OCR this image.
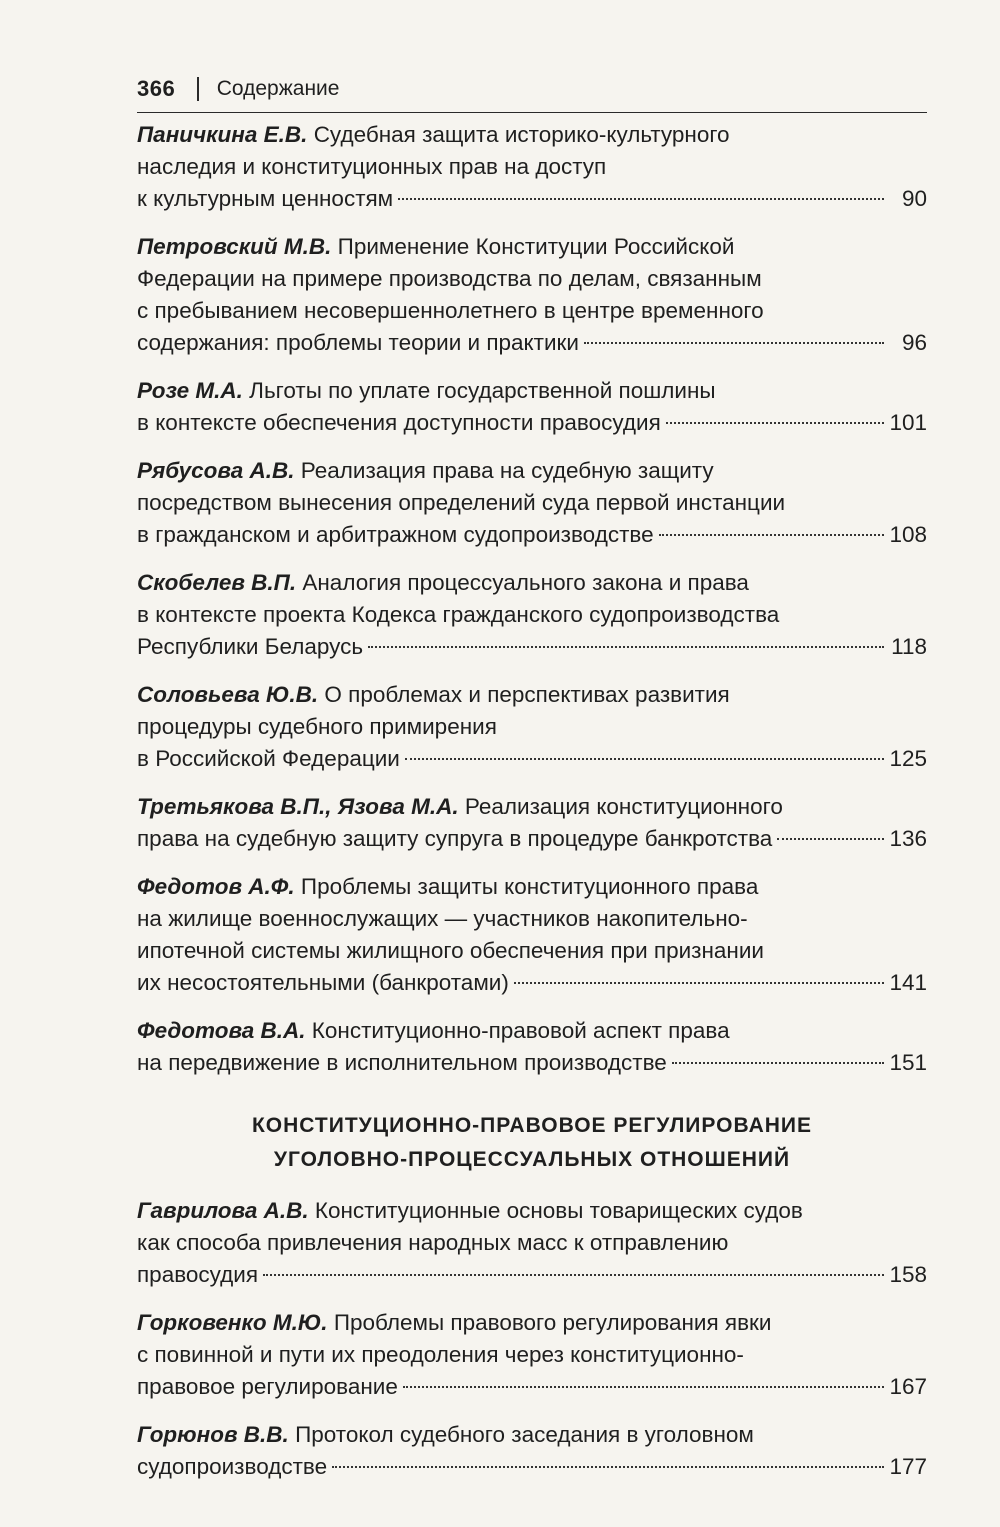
366 Содержание
Паничкина Е.В. Судебная защита историко-культурного
наследия и конституционных прав на доступ
к культурным ценностям	90
Петровский М.В. Применение Конституции Российской
Федерации на примере производства по делам, связанным
с пребыванием несовершеннолетнего в центре временного
содержания: проблемы теории и практики	96
Розе М.А. Льготы по уплате государственной пошлины
в контексте обеспечения доступности правосудия	101
Рябусова А.В. Реализация права на судебную защиту
посредством вынесения определений суда первой инстанции
в гражданском и арбитражном судопроизводстве	108
Скобелев В.П. Аналогия процессуального закона и права
в контексте проекта Кодекса гражданского судопроизводства
Республики Беларусь	118
Соловьева Ю.В. О проблемах и перспективах развития
процедуры судебного примирения
в Российской Федерации	125
Третьякова В.П., Язова М.А. Реализация конституционного
права на судебную защиту супруга в процедуре банкротства	136
Федотов А.Ф. Проблемы защиты конституционного права
на жилище военнослужащих — участников накопительно-
ипотечной системы жилищного обеспечения при признании
их несостоятельными (банкротами)	141
Федотова В.А. Конституционно-правовой аспект права
на передвижение в исполнительном производстве	151
КОНСТИТУЦИОННО-ПРАВОВОЕ РЕГУЛИРОВАНИЕ
УГОЛОВНО-ПРОЦЕССУАЛЬНЫХ ОТНОШЕНИЙ
Гаврилова А.В. Конституционные основы товарищеских судов
как способа привлечения народных масс к отправлению
правосудия	158
Горковенко М.Ю. Проблемы правового регулирования явки
с повинной и пути их преодоления через конституционно-
правовое регулирование	167
Горюнов В.В. Протокол судебного заседания в уголовном
судопроизводстве	177
